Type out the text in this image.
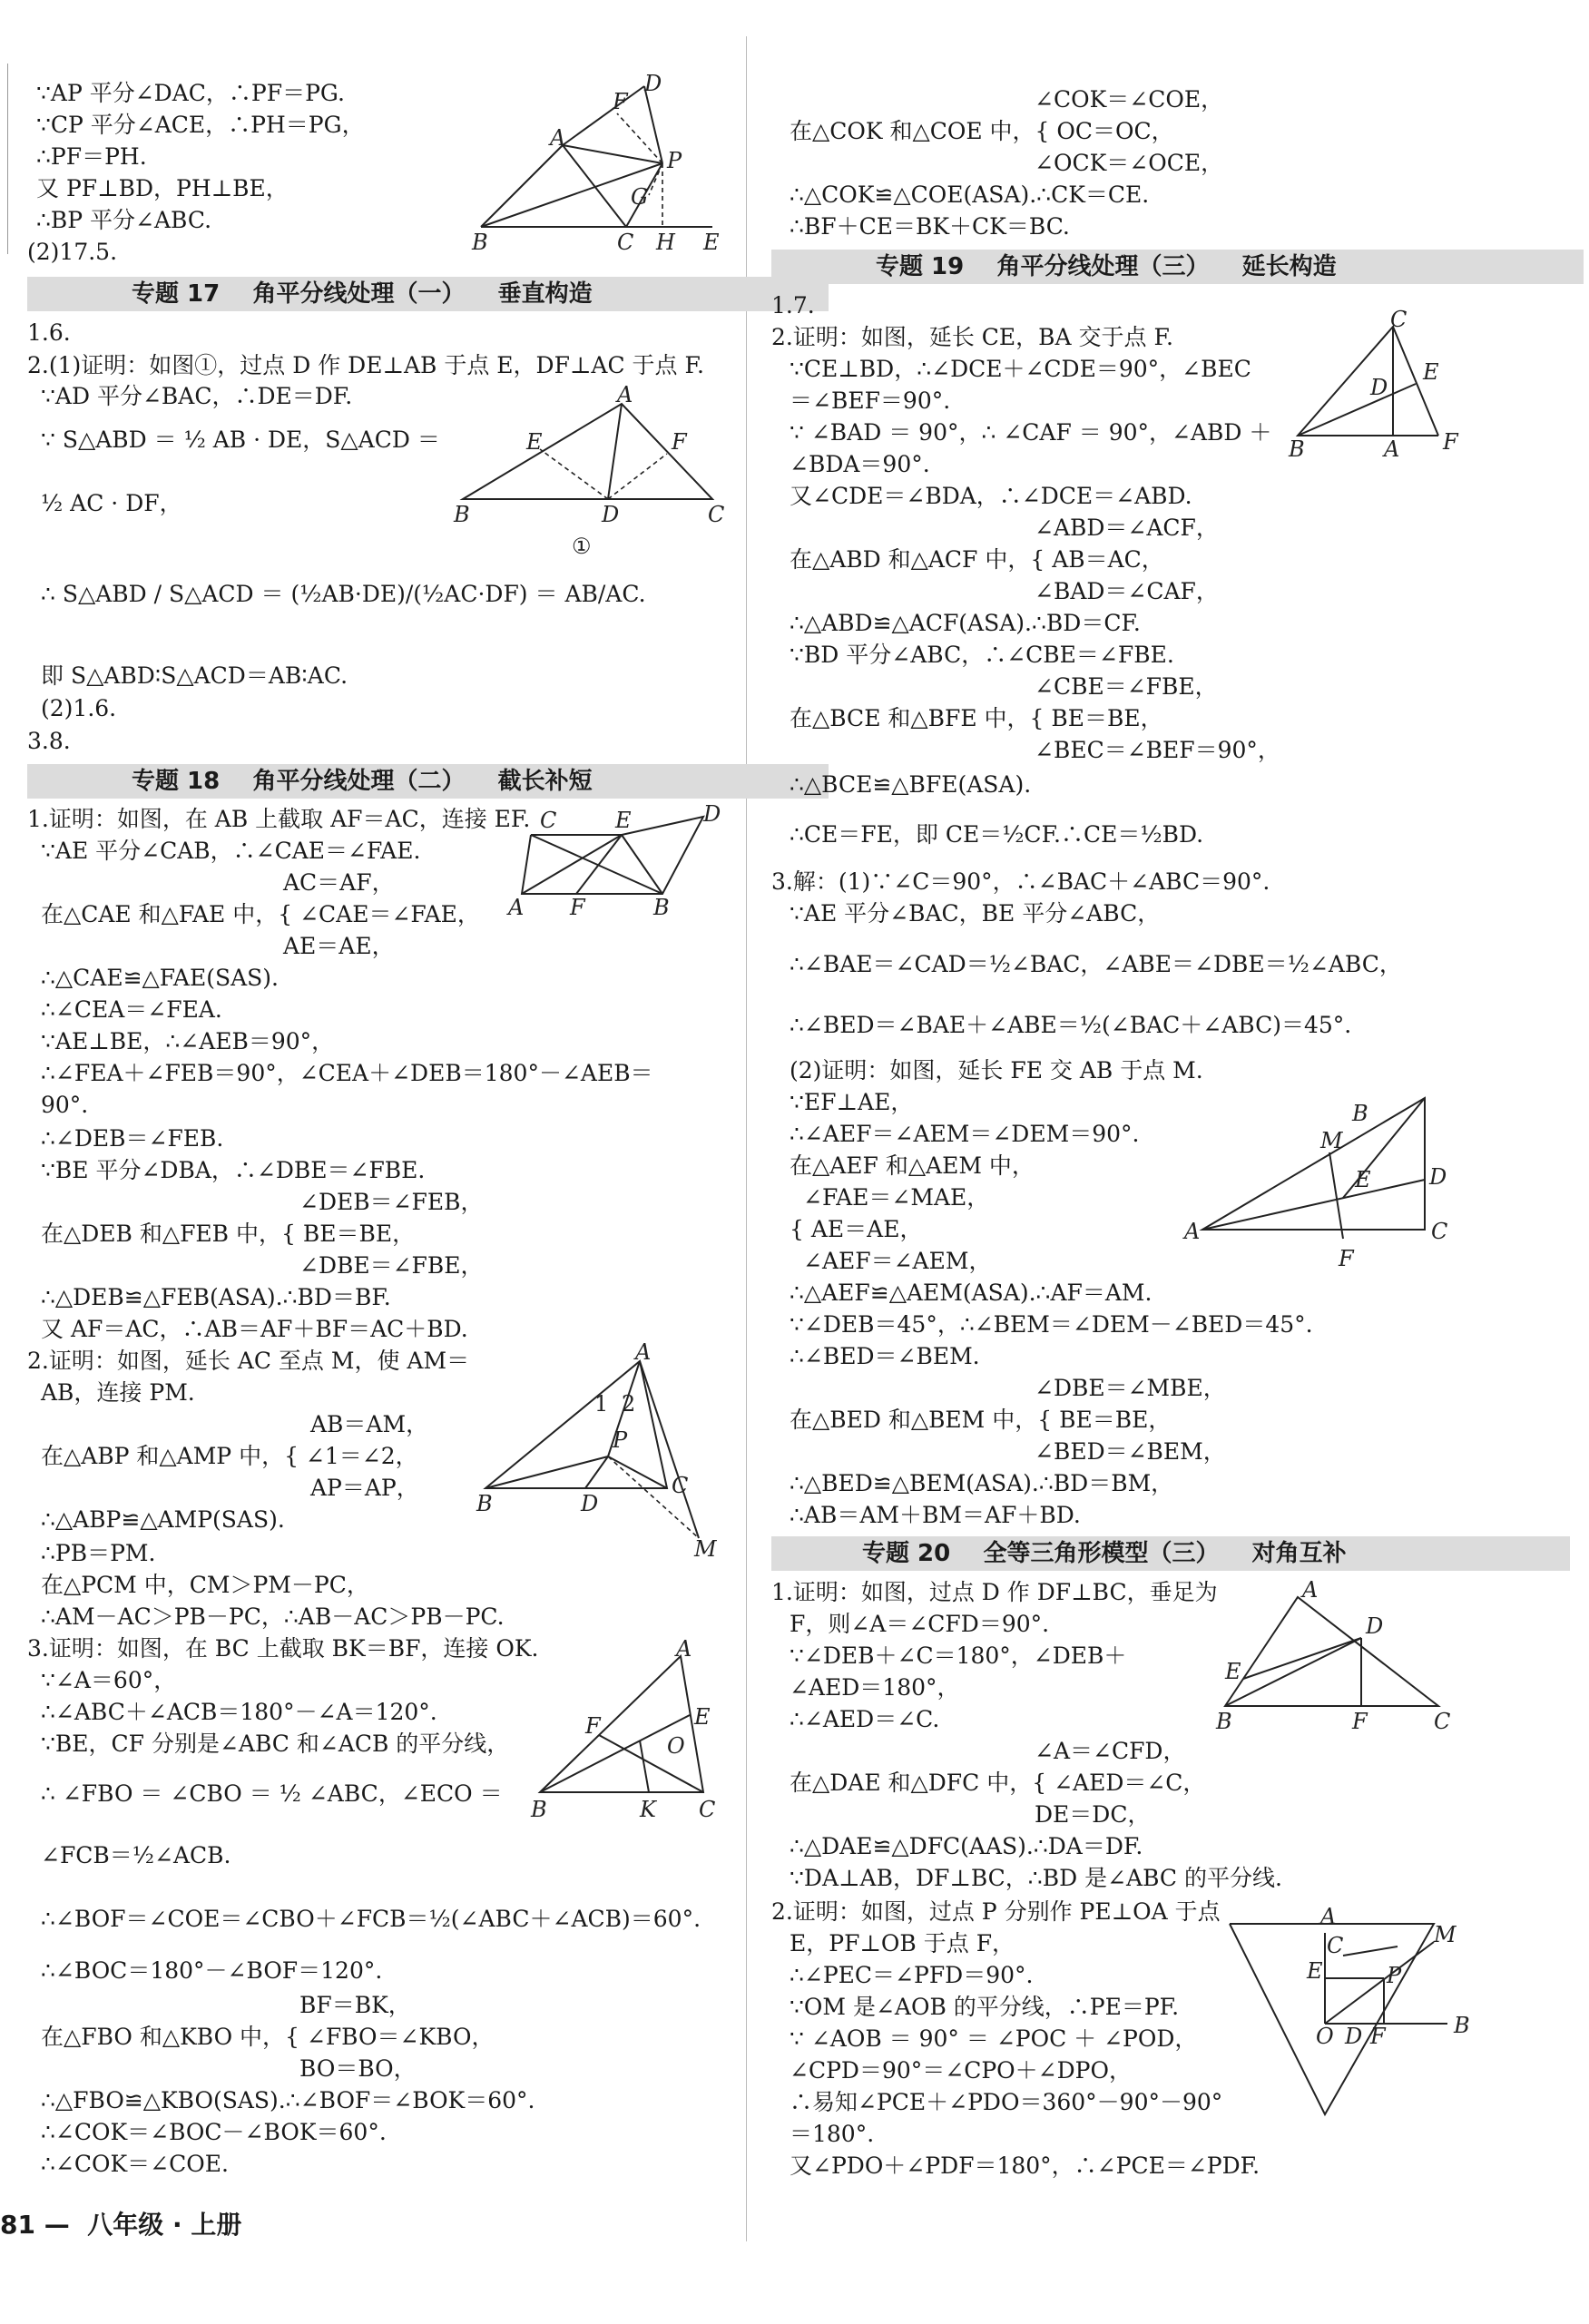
∵AP 平分∠DAC，∴PF＝PG.
∵CP 平分∠ACE，∴PH＝PG，
∴PF＝PH.
又 PF⊥BD，PH⊥BE，
∴BP 平分∠ABC.
(2)17.5.
专题 17    角平分线处理（一）    垂直构造
1.6.
2.(1)证明：如图①，过点 D 作 DE⊥AB 于点 E，DF⊥AC 于点 F.
∵AD 平分∠BAC，∴DE＝DF.
∵ S△ABD ＝ ½ AB · DE，S△ACD ＝
½ AC · DF，
∴ S△ABD / S△ACD ＝ (½AB·DE)/(½AC·DF) ＝ AB/AC.
即 S△ABD∶S△ACD＝AB∶AC.
(2)1.6.
3.8.
专题 18    角平分线处理（二）    截长补短
1.证明：如图，在 AB 上截取 AF＝AC，连接 EF.
∵AE 平分∠CAB，∴∠CAE＝∠FAE.
AC＝AF，
在△CAE 和△FAE 中，{ ∠CAE＝∠FAE，
AE＝AE，
∴△CAE≌△FAE(SAS).
∴∠CEA＝∠FEA.
∵AE⊥BE，∴∠AEB＝90°，
∴∠FEA＋∠FEB＝90°，∠CEA＋∠DEB＝180°－∠AEB＝
90°.
∴∠DEB＝∠FEB.
∵BE 平分∠DBA，∴∠DBE＝∠FBE.
∠DEB＝∠FEB，
在△DEB 和△FEB 中，{ BE＝BE，
∠DBE＝∠FBE，
∴△DEB≌△FEB(ASA).∴BD＝BF.
又 AF＝AC，∴AB＝AF＋BF＝AC＋BD.
2.证明：如图，延长 AC 至点 M，使 AM＝
AB，连接 PM.
AB＝AM，
在△ABP 和△AMP 中，{ ∠1＝∠2，
AP＝AP，
∴△ABP≌△AMP(SAS).
∴PB＝PM.
在△PCM 中，CM＞PM－PC，
∴AM－AC＞PB－PC，∴AB－AC＞PB－PC.
3.证明：如图，在 BC 上截取 BK＝BF，连接 OK.
∵∠A＝60°，
∴∠ABC＋∠ACB＝180°－∠A＝120°.
∵BE，CF 分别是∠ABC 和∠ACB 的平分线，
∴ ∠FBO ＝ ∠CBO ＝ ½ ∠ABC，∠ECO ＝
∠FCB＝½∠ACB.
∴∠BOF＝∠COE＝∠CBO＋∠FCB＝½(∠ABC＋∠ACB)＝60°.
∴∠BOC＝180°－∠BOF＝120°.
BF＝BK，
在△FBO 和△KBO 中，{ ∠FBO＝∠KBO，
BO＝BO，
∴△FBO≌△KBO(SAS).∴∠BOF＝∠BOK＝60°.
∴∠COK＝∠BOC－∠BOK＝60°.
∴∠COK＝∠COE.
∠COK＝∠COE，
在△COK 和△COE 中，{ OC＝OC，
∠OCK＝∠OCE，
∴△COK≌△COE(ASA).∴CK＝CE.
∴BF＋CE＝BK＋CK＝BC.
专题 19    角平分线处理（三）    延长构造
1.7.
2.证明：如图，延长 CE，BA 交于点 F.
∵CE⊥BD，∴∠DCE＋∠CDE＝90°，∠BEC
＝∠BEF＝90°.
∵ ∠BAD ＝ 90°，∴ ∠CAF ＝ 90°，∠ABD ＋
∠BDA＝90°.
又∠CDE＝∠BDA，∴∠DCE＝∠ABD.
∠ABD＝∠ACF，
在△ABD 和△ACF 中，{ AB＝AC，
∠BAD＝∠CAF，
∴△ABD≌△ACF(ASA).∴BD＝CF.
∵BD 平分∠ABC，∴∠CBE＝∠FBE.
∠CBE＝∠FBE，
在△BCE 和△BFE 中，{ BE＝BE，
∠BEC＝∠BEF＝90°，
∴△BCE≌△BFE(ASA).
∴CE＝FE，即 CE＝½CF.∴CE＝½BD.
3.解：(1)∵∠C＝90°，∴∠BAC＋∠ABC＝90°.
∵AE 平分∠BAC，BE 平分∠ABC，
∴∠BAE＝∠CAD＝½∠BAC，∠ABE＝∠DBE＝½∠ABC，
∴∠BED＝∠BAE＋∠ABE＝½(∠BAC＋∠ABC)＝45°.
(2)证明：如图，延长 FE 交 AB 于点 M.
∵EF⊥AE，
∴∠AEF＝∠AEM＝∠DEM＝90°.
在△AEF 和△AEM 中，
∠FAE＝∠MAE，
{ AE＝AE，
∠AEF＝∠AEM，
∴△AEF≌△AEM(ASA).∴AF＝AM.
∵∠DEB＝45°，∴∠BEM＝∠DEM－∠BED＝45°.
∴∠BED＝∠BEM.
∠DBE＝∠MBE，
在△BED 和△BEM 中，{ BE＝BE，
∠BED＝∠BEM，
∴△BED≌△BEM(ASA).∴BD＝BM，
∴AB＝AM＋BM＝AF＋BD.
专题 20    全等三角形模型（三）    对角互补
1.证明：如图，过点 D 作 DF⊥BC，垂足为
F，则∠A＝∠CFD＝90°.
∵∠DEB＋∠C＝180°，∠DEB＋
∠AED＝180°，
∴∠AED＝∠C.
∠A＝∠CFD，
在△DAE 和△DFC 中，{ ∠AED＝∠C，
DE＝DC，
∴△DAE≌△DFC(AAS).∴DA＝DF.
∵DA⊥AB，DF⊥BC，∴BD 是∠ABC 的平分线.
2.证明：如图，过点 P 分别作 PE⊥OA 于点
E，PF⊥OB 于点 F，
∴∠PEC＝∠PFD＝90°.
∵OM 是∠AOB 的平分线，∴PE＝PF.
∵ ∠AOB ＝ 90° ＝ ∠POC ＋ ∠POD，
∠CPD＝90°＝∠CPO＋∠DPO，
∴易知∠PCE＋∠PDO＝360°－90°－90°
＝180°.
又∠PDO＋∠PDF＝180°，∴∠PCE＝∠PDF.
F
D
A
P
G
B	C H E
A
E	F
B	D	C
①
C	E	D
A F	B
A
1 2
P
B	D
C
M
A
F	E
O
B	K C
C
D
E
B	A F
B
M
E	D
A
F
C
A
D
E
B	F	C
A
M
C
E	P
O D F	B
81 —  八年级 · 上册
